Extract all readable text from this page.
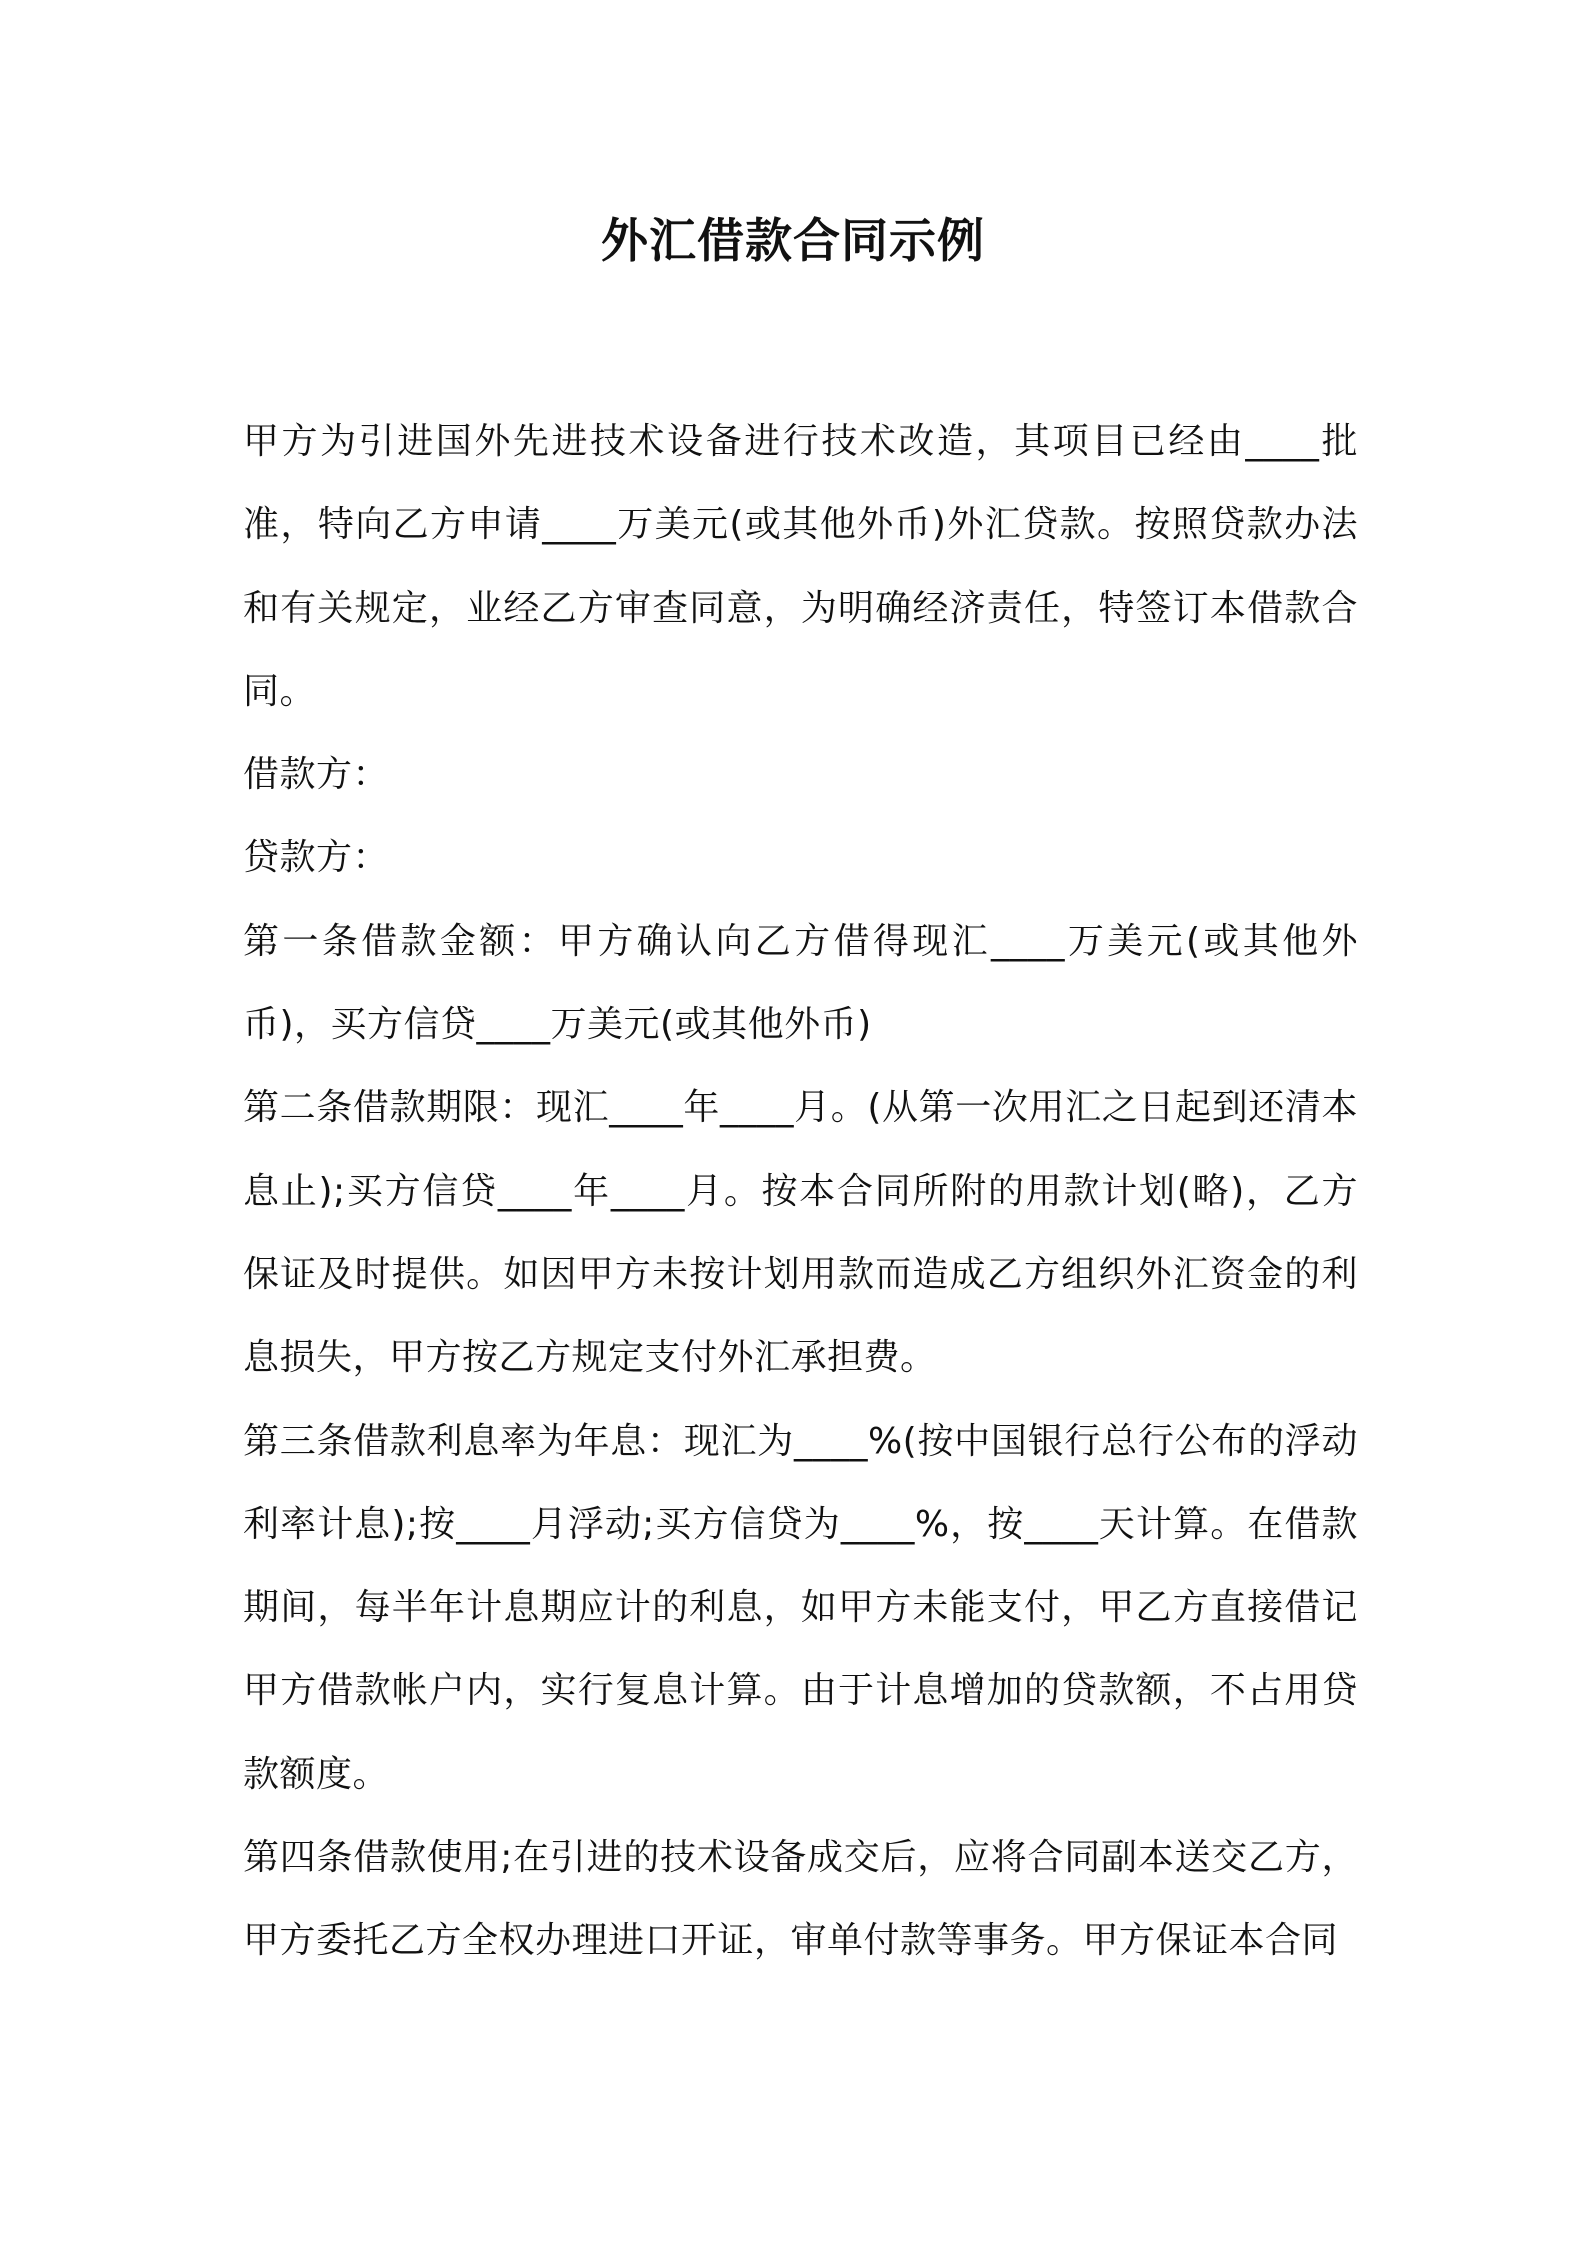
外汇借款合同示例

甲方为引进国外先进技术设备进行技术改造，其项目已经由____批准，特向乙方申请____万美元(或其他外币)外汇贷款。按照贷款办法和有关规定，业经乙方审查同意，为明确经济责任，特签订本借款合同。

借款方：

贷款方：

第一条借款金额：甲方确认向乙方借得现汇____万美元(或其他外币)，买方信贷____万美元(或其他外币)

第二条借款期限：现汇____年____月。(从第一次用汇之日起到还清本息止);买方信贷____年____月。按本合同所附的用款计划(略)，乙方保证及时提供。如因甲方未按计划用款而造成乙方组织外汇资金的利息损失，甲方按乙方规定支付外汇承担费。

第三条借款利息率为年息：现汇为____%(按中国银行总行公布的浮动利率计息);按____月浮动;买方信贷为____%，按____天计算。在借款期间，每半年计息期应计的利息，如甲方未能支付，甲乙方直接借记甲方借款帐户内，实行复息计算。由于计息增加的贷款额，不占用贷款额度。

第四条借款使用;在引进的技术设备成交后，应将合同副本送交乙方，甲方委托乙方全权办理进口开证，审单付款等事务。甲方保证本合同
